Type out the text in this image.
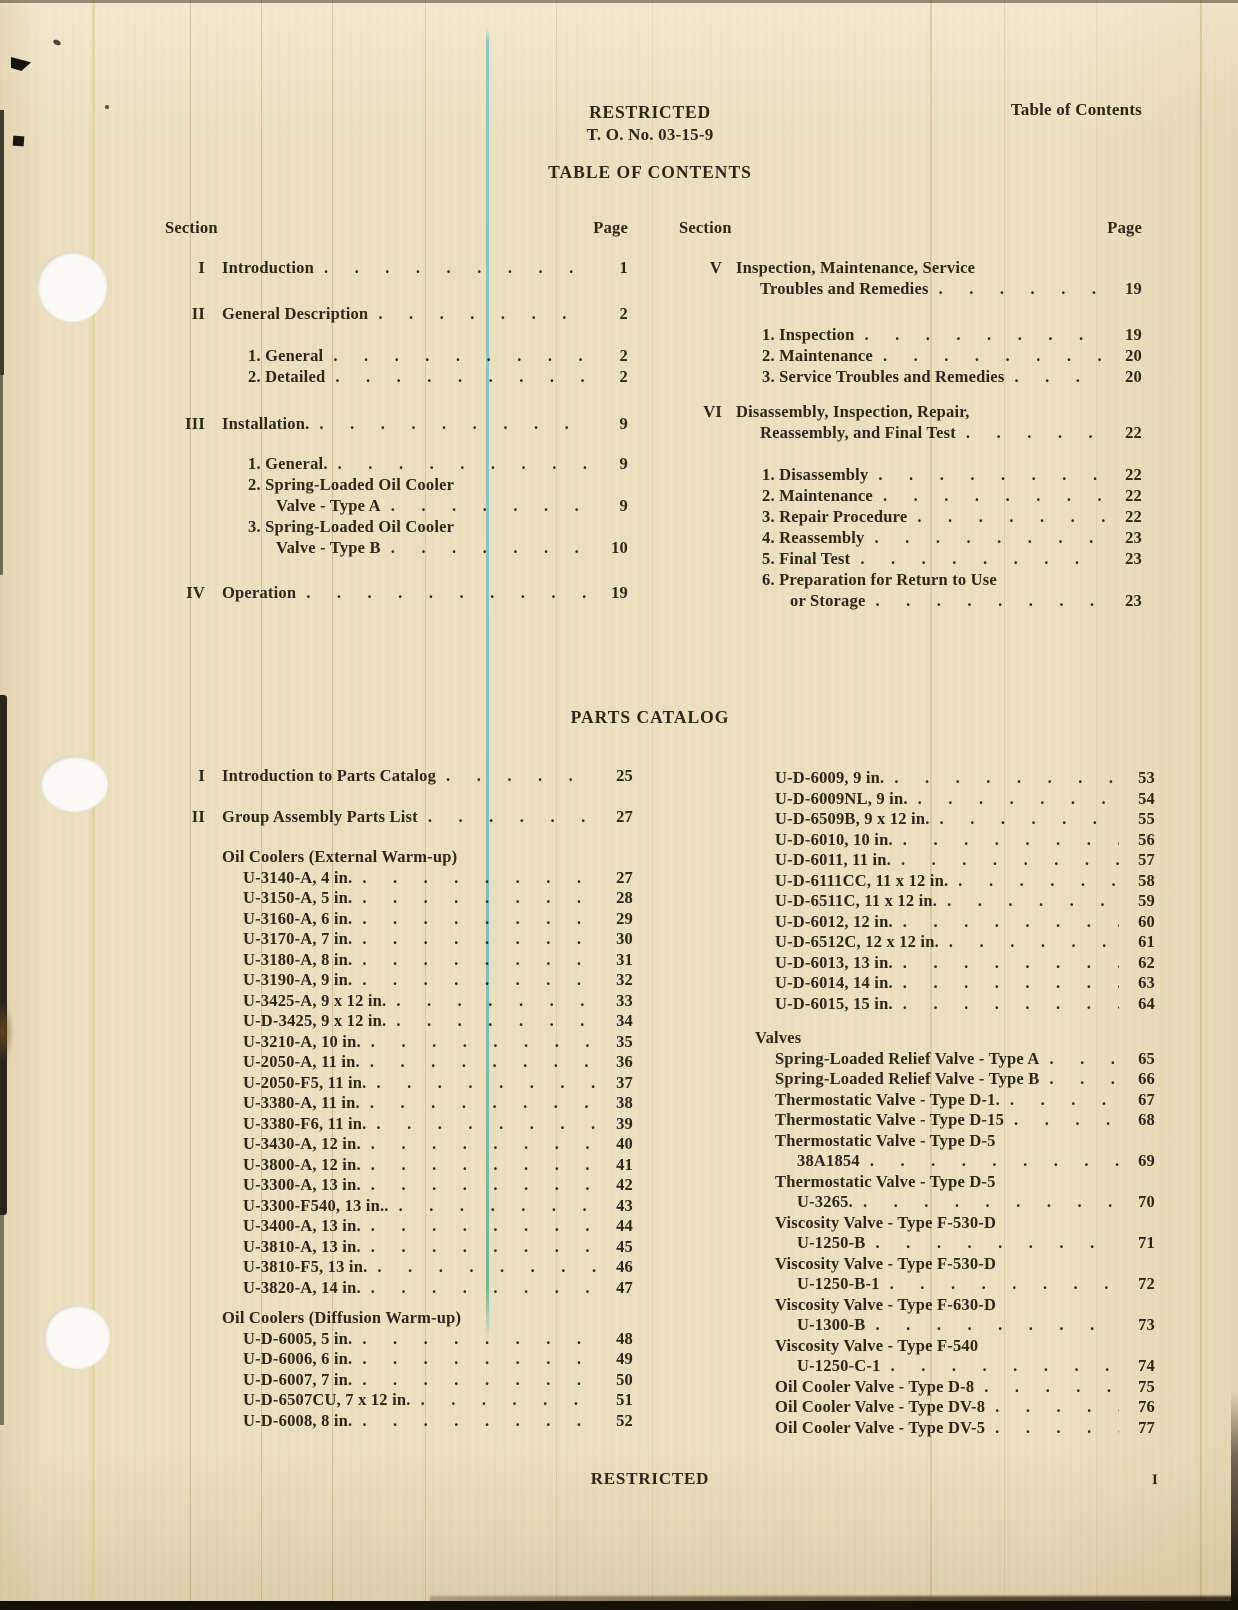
RESTRICTED
T. O. No. 03-15-9
Table of Contents
TABLE OF CONTENTS
Section	Page	Section	Page
I Introduction . . .	1
II General Description . . .	2
1. General . . .	2
2. Detailed . . .	2
III Installation. . . .	9
1. General. . . .	9
2. Spring-Loaded Oil Cooler
Valve - Type A . . .	9
3. Spring-Loaded Oil Cooler
Valve - Type B . . .	10
IV Operation . . .	19
V Inspection, Maintenance, Service
Troubles and Remedies . . .	19
1. Inspection . . .	19
2. Maintenance . . .	20
3. Service Troubles and Remedies . . .	20
VI Disassembly, Inspection, Repair,
Reassembly, and Final Test . . .	22
1. Disassembly . . .	22
2. Maintenance . . .	22
3. Repair Procedure . . .	22
4. Reassembly . . .	23
5. Final Test . . .	23
6. Preparation for Return to Use
or Storage . . .	23
PARTS CATALOG
I Introduction to Parts Catalog . . .	25
II Group Assembly Parts List . . .	27
Oil Coolers (External Warm-up)
U-3140-A, 4 in. . . .	27
U-3150-A, 5 in. . . .	28
U-3160-A, 6 in. . . .	29
U-3170-A, 7 in. . . .	30
U-3180-A, 8 in. . . .	31
U-3190-A, 9 in. . . .	32
U-3425-A, 9 x 12 in. . . .	33
U-D-3425, 9 x 12 in. . . .	34
U-3210-A, 10 in. . . .	35
U-2050-A, 11 in. . . .	36
U-2050-F5, 11 in. . . .	37
U-3380-A, 11 in. . . .	38
U-3380-F6, 11 in. . . .	39
U-3430-A, 12 in. . . .	40
U-3800-A, 12 in. . . .	41
U-3300-A, 13 in. . . .	42
U-3300-F540, 13 in.. . . .	43
U-3400-A, 13 in. . . .	44
U-3810-A, 13 in. . . .	45
U-3810-F5, 13 in. . . .	46
U-3820-A, 14 in. . . .	47
Oil Coolers (Diffusion Warm-up)
U-D-6005, 5 in. . . .	48
U-D-6006, 6 in. . . .	49
U-D-6007, 7 in. . . .	50
U-D-6507CU, 7 x 12 in. . . .	51
U-D-6008, 8 in. . . .	52
U-D-6009, 9 in. . . .	53
U-D-6009NL, 9 in. . . .	54
U-D-6509B, 9 x 12 in. . . .	55
U-D-6010, 10 in. . . .	56
U-D-6011, 11 in. . . .	57
U-D-6111CC, 11 x 12 in. . . .	58
U-D-6511C, 11 x 12 in. . . .	59
U-D-6012, 12 in. . . .	60
U-D-6512C, 12 x 12 in. . . .	61
U-D-6013, 13 in. . . .	62
U-D-6014, 14 in. . . .	63
U-D-6015, 15 in. . . .	64
Valves
Spring-Loaded Relief Valve - Type A . . .	65
Spring-Loaded Relief Valve - Type B . . .	66
Thermostatic Valve - Type D-1. . . .	67
Thermostatic Valve - Type D-15 . . .	68
Thermostatic Valve - Type D-5
38A1854 . . .	69
Thermostatic Valve - Type D-5
U-3265. . . .	70
Viscosity Valve - Type F-530-D
U-1250-B . . .	71
Viscosity Valve - Type F-530-D
U-1250-B-1 . . .	72
Viscosity Valve - Type F-630-D
U-1300-B . . .	73
Viscosity Valve - Type F-540
U-1250-C-1 . . .	74
Oil Cooler Valve - Type D-8 . . .	75
Oil Cooler Valve - Type DV-8 . . .	76
Oil Cooler Valve - Type DV-5 . . .	77
RESTRICTED	I
